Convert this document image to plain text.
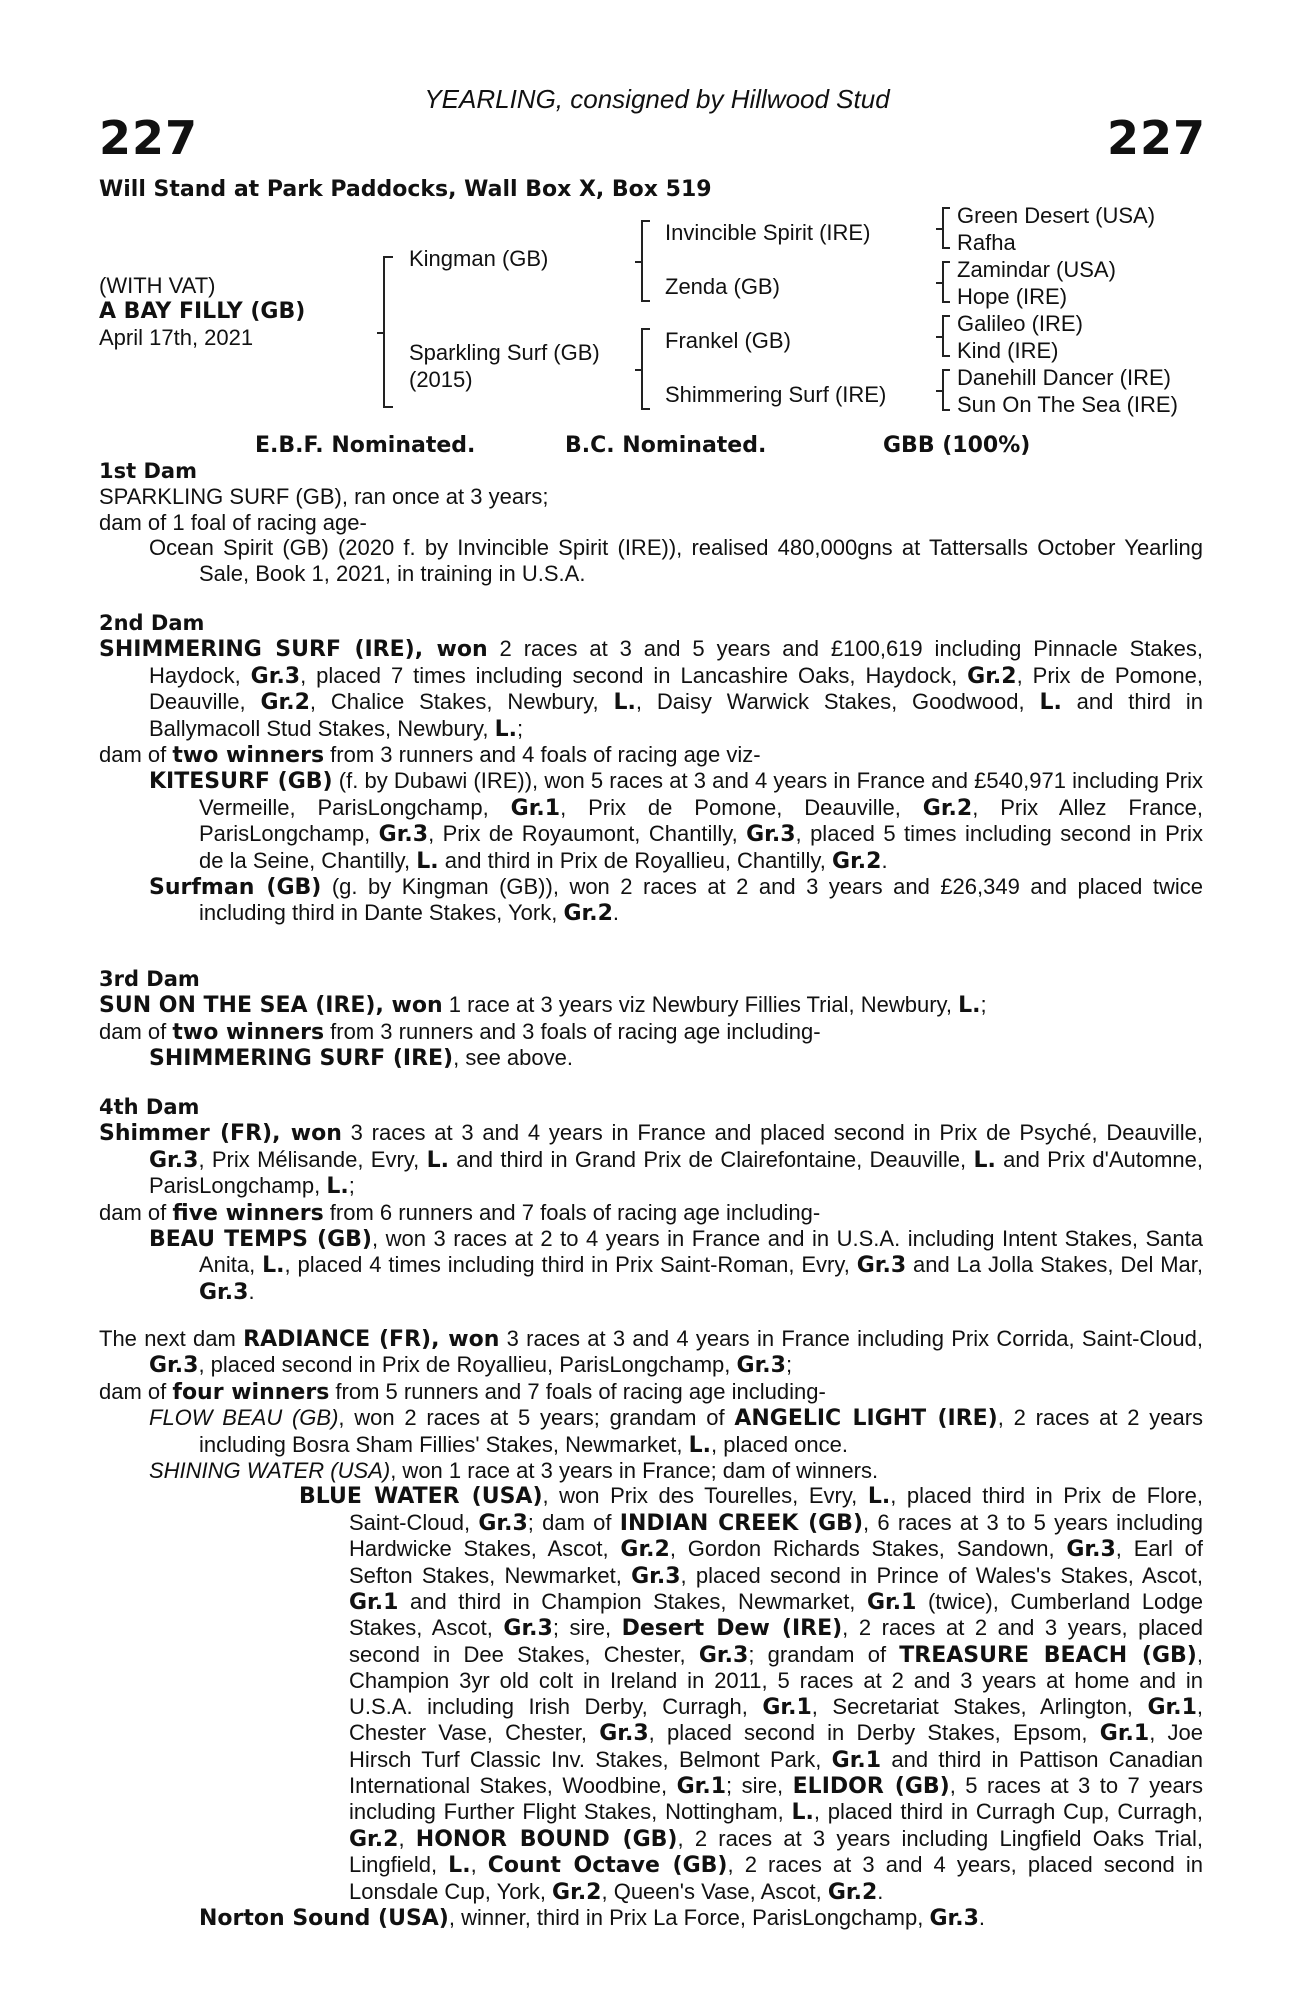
YEARLING, consigned by Hillwood Stud
227	227
Will Stand at Park Paddocks, Wall Box X, Box 519
(WITH VAT)
A BAY FILLY (GB)
April 17th, 2021
Kingman (GB)
Sparkling Surf (GB)
(2015)
Invincible Spirit (IRE)
Zenda (GB)
Frankel (GB)
Shimmering Surf (IRE)
Green Desert (USA)
Rafha
Zamindar (USA)
Hope (IRE)
Galileo (IRE)
Kind (IRE)
Danehill Dancer (IRE)
Sun On The Sea (IRE)
E.B.F. Nominated.	B.C. Nominated.	GBB (100%)

1st Dam

SPARKLING SURF (GB), ran once at 3 years;

dam of 1 foal of racing age-

Ocean Spirit (GB) (2020 f. by Invincible Spirit (IRE)), realised 480,000gns at Tattersalls October Yearling Sale, Book 1, 2021, in training in U.S.A.

2nd Dam

SHIMMERING SURF (IRE), won 2 races at 3 and 5 years and £100,619 including Pinnacle Stakes, Haydock, Gr.3, placed 7 times including second in Lancashire Oaks, Haydock, Gr.2, Prix de Pomone, Deauville, Gr.2, Chalice Stakes, Newbury, L., Daisy Warwick Stakes, Goodwood, L. and third in Ballymacoll Stud Stakes, Newbury, L.;

dam of two winners from 3 runners and 4 foals of racing age viz-

KITESURF (GB) (f. by Dubawi (IRE)), won 5 races at 3 and 4 years in France and £540,971 including Prix Vermeille, ParisLongchamp, Gr.1, Prix de Pomone, Deauville, Gr.2, Prix Allez France, ParisLongchamp, Gr.3, Prix de Royaumont, Chantilly, Gr.3, placed 5 times including second in Prix de la Seine, Chantilly, L. and third in Prix de Royallieu, Chantilly, Gr.2.

Surfman (GB) (g. by Kingman (GB)), won 2 races at 2 and 3 years and £26,349 and placed twice including third in Dante Stakes, York, Gr.2.

3rd Dam

SUN ON THE SEA (IRE), won 1 race at 3 years viz Newbury Fillies Trial, Newbury, L.;

dam of two winners from 3 runners and 3 foals of racing age including-

SHIMMERING SURF (IRE), see above.

4th Dam

Shimmer (FR), won 3 races at 3 and 4 years in France and placed second in Prix de Psyché, Deauville, Gr.3, Prix Mélisande, Evry, L. and third in Grand Prix de Clairefontaine, Deauville, L. and Prix d'Automne, ParisLongchamp, L.;

dam of five winners from 6 runners and 7 foals of racing age including-

BEAU TEMPS (GB), won 3 races at 2 to 4 years in France and in U.S.A. including Intent Stakes, Santa Anita, L., placed 4 times including third in Prix Saint-Roman, Evry, Gr.3 and La Jolla Stakes, Del Mar, Gr.3.

The next dam RADIANCE (FR), won 3 races at 3 and 4 years in France including Prix Corrida, Saint-Cloud, Gr.3, placed second in Prix de Royallieu, ParisLongchamp, Gr.3;

dam of four winners from 5 runners and 7 foals of racing age including-

FLOW BEAU (GB), won 2 races at 5 years; grandam of ANGELIC LIGHT (IRE), 2 races at 2 years including Bosra Sham Fillies' Stakes, Newmarket, L., placed once.

SHINING WATER (USA), won 1 race at 3 years in France; dam of winners.

BLUE WATER (USA), won Prix des Tourelles, Evry, L., placed third in Prix de Flore, Saint-Cloud, Gr.3; dam of INDIAN CREEK (GB), 6 races at 3 to 5 years including Hardwicke Stakes, Ascot, Gr.2, Gordon Richards Stakes, Sandown, Gr.3, Earl of Sefton Stakes, Newmarket, Gr.3, placed second in Prince of Wales's Stakes, Ascot, Gr.1 and third in Champion Stakes, Newmarket, Gr.1 (twice), Cumberland Lodge Stakes, Ascot, Gr.3; sire, Desert Dew (IRE), 2 races at 2 and 3 years, placed second in Dee Stakes, Chester, Gr.3; grandam of TREASURE BEACH (GB), Champion 3yr old colt in Ireland in 2011, 5 races at 2 and 3 years at home and in U.S.A. including Irish Derby, Curragh, Gr.1, Secretariat Stakes, Arlington, Gr.1, Chester Vase, Chester, Gr.3, placed second in Derby Stakes, Epsom, Gr.1, Joe Hirsch Turf Classic Inv. Stakes, Belmont Park, Gr.1 and third in Pattison Canadian International Stakes, Woodbine, Gr.1; sire, ELIDOR (GB), 5 races at 3 to 7 years including Further Flight Stakes, Nottingham, L., placed third in Curragh Cup, Curragh, Gr.2, HONOR BOUND (GB), 2 races at 3 years including Lingfield Oaks Trial, Lingfield, L., Count Octave (GB), 2 races at 3 and 4 years, placed second in Lonsdale Cup, York, Gr.2, Queen's Vase, Ascot, Gr.2.

Norton Sound (USA), winner, third in Prix La Force, ParisLongchamp, Gr.3.
